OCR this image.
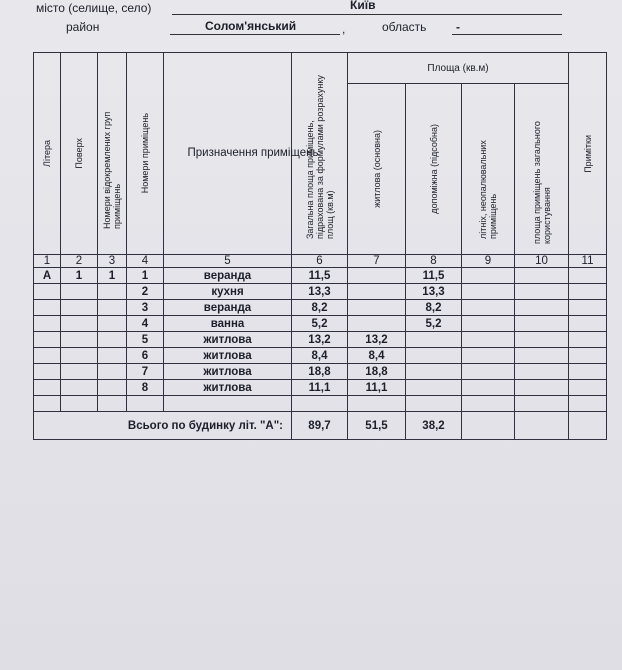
місто (селище, село)	Київ
район	Солом'янський	,	область -
Літера	Поверх	Номери відокремлених груп приміщень	Номери приміщень	Призначення приміщень	Загальна площа приміщень, підрахована за формулами розрахунку площ (кв.м)	Площа (кв.м)				Примітки

						житлова (основна)	допоміжна (підсобна)	літніх, неопалювальних приміщень	площа приміщень загального користування	

1	2	3	4	5	6	7	8	9	10	11
А	1	1	1	веранда	11,5		11,5			
			2	кухня	13,3		13,3			
			3	веранда	8,2		8,2			
			4	ванна	5,2		5,2			
			5	житлова	13,2	13,2				
			6	житлова	8,4	8,4				
			7	житлова	18,8	18,8				
			8	житлова	11,1	11,1				

Всього по будинку літ. "А":					89,7	51,5	38,2			
